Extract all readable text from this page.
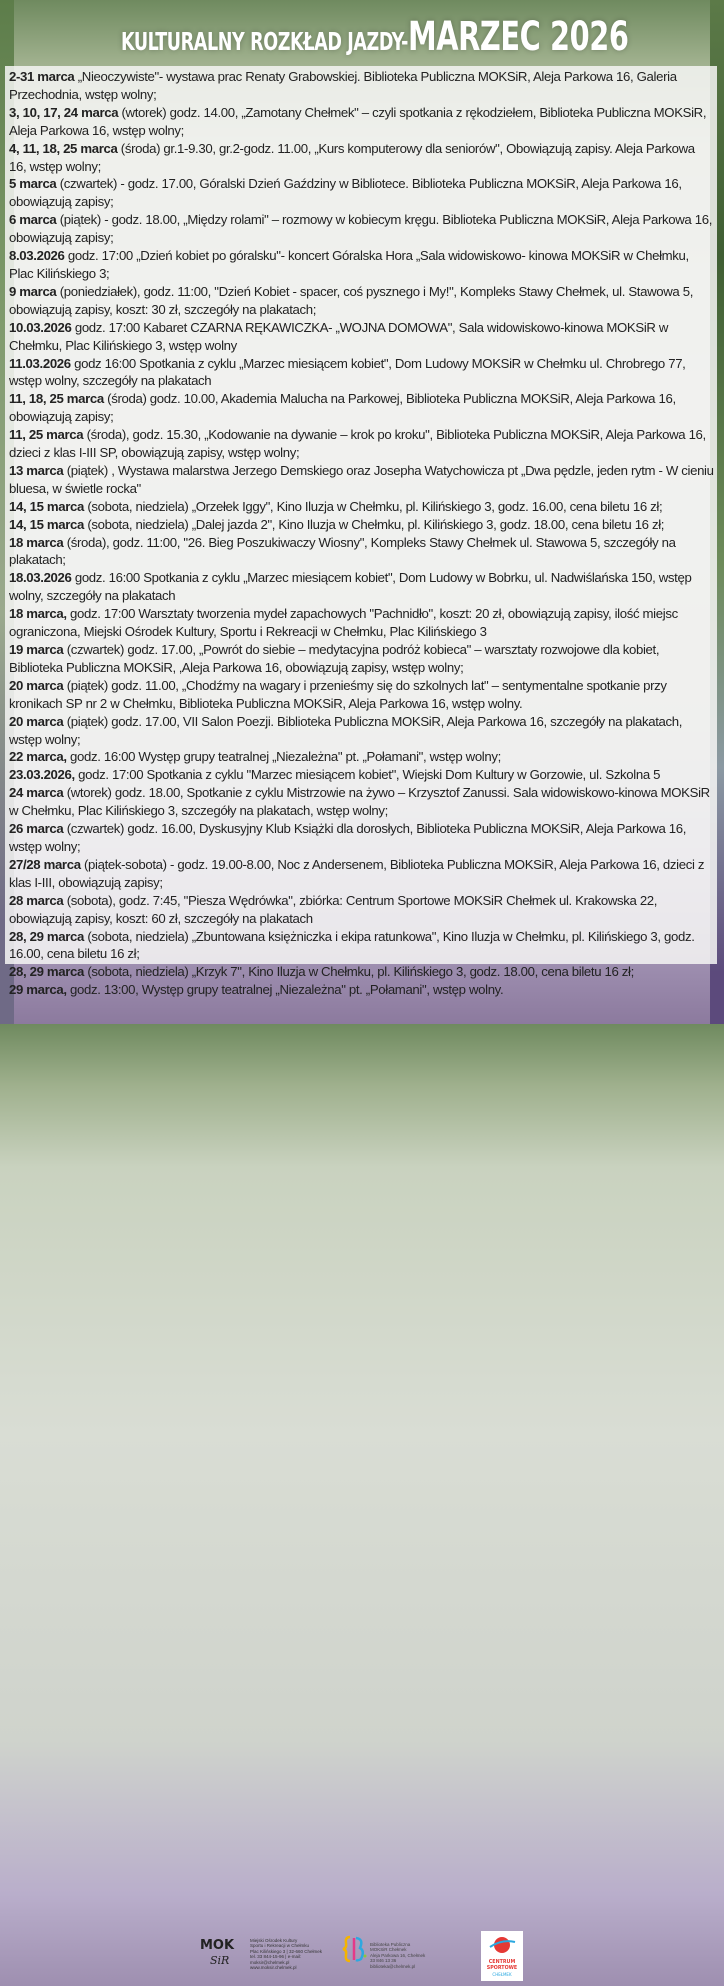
KULTURALNY ROZKŁAD JAZDY-MARZEC 2026
2-31 marca „Nieoczywiste"- wystawa prac Renaty Grabowskiej. Biblioteka Publiczna MOKSiR, Aleja Parkowa 16, Galeria Przechodnia, wstęp wolny;
3, 10, 17, 24 marca (wtorek) godz. 14.00, „Zamotany Chełmek" – czyli spotkania z rękodziełem, Biblioteka Publiczna MOKSiR, Aleja Parkowa 16, wstęp wolny;
4, 11, 18, 25 marca (środa) gr.1-9.30, gr.2-godz. 11.00, „Kurs komputerowy dla seniorów", Obowiązują zapisy. Aleja Parkowa 16, wstęp wolny;
5 marca (czwartek) - godz. 17.00, Góralski Dzień Gaździny w Bibliotece. Biblioteka Publiczna MOKSiR, Aleja Parkowa 16, obowiązują zapisy;
6 marca (piątek) - godz. 18.00, „Między rolami" – rozmowy w kobiecym kręgu. Biblioteka Publiczna MOKSiR, Aleja Parkowa 16, obowiązują zapisy;
8.03.2026 godz. 17:00 „Dzień kobiet po góralsku"- koncert Góralska Hora „Sala widowiskowo- kinowa MOKSiR w Chełmku, Plac Kilińskiego 3;
9 marca (poniedziałek), godz. 11:00, "Dzień Kobiet - spacer, coś pysznego i My!", Kompleks Stawy Chełmek, ul. Stawowa 5, obowiązują zapisy, koszt: 30 zł, szczegóły na plakatach;
10.03.2026 godz. 17:00 Kabaret CZARNA RĘKAWICZKA- „WOJNA DOMOWA", Sala widowiskowo-kinowa MOKSiR w Chełmku, Plac Kilińskiego 3, wstęp wolny
11.03.2026 godz 16:00 Spotkania z cyklu „Marzec miesiącem kobiet", Dom Ludowy MOKSiR w Chełmku ul. Chrobrego 77, wstęp wolny, szczegóły na plakatach
11, 18, 25 marca (środa) godz. 10.00, Akademia Malucha na Parkowej, Biblioteka Publiczna MOKSiR, Aleja Parkowa 16, obowiązują zapisy;
11, 25 marca (środa), godz. 15.30, „Kodowanie na dywanie – krok po kroku", Biblioteka Publiczna MOKSiR, Aleja Parkowa 16, dzieci z klas I-III SP, obowiązują zapisy, wstęp wolny;
13 marca (piątek) , Wystawa malarstwa Jerzego Demskiego oraz Josepha Watychowicza pt „Dwa pędzle, jeden rytm - W cieniu bluesa, w świetle rocka"
14, 15 marca (sobota, niedziela) „Orzełek Iggy", Kino Iluzja w Chełmku, pl. Kilińskiego 3, godz. 16.00, cena biletu 16 zł;
14, 15 marca (sobota, niedziela) „Dalej jazda 2", Kino Iluzja w Chełmku, pl. Kilińskiego 3, godz. 18.00, cena biletu 16 zł;
18 marca (środa), godz. 11:00, "26. Bieg Poszukiwaczy Wiosny", Kompleks Stawy Chełmek ul. Stawowa 5, szczegóły na plakatach;
18.03.2026 godz. 16:00 Spotkania z cyklu „Marzec miesiącem kobiet", Dom Ludowy w Bobrku, ul. Nadwiślańska 150, wstęp wolny, szczegóły na plakatach
18 marca, godz. 17:00 Warsztaty tworzenia mydeł zapachowych "Pachnidło", koszt: 20 zł, obowiązują zapisy, ilość miejsc ograniczona, Miejski Ośrodek Kultury, Sportu i Rekreacji w Chełmku, Plac Kilińskiego 3
19 marca (czwartek) godz. 17.00, „Powrót do siebie – medytacyjna podróż kobieca" – warsztaty rozwojowe dla kobiet, Biblioteka Publiczna MOKSiR, ‚Aleja Parkowa 16, obowiązują zapisy, wstęp wolny;
20 marca (piątek) godz. 11.00, „Chodźmy na wagary i przenieśmy się do szkolnych lat" – sentymentalne spotkanie przy kronikach SP nr 2 w Chełmku, Biblioteka Publiczna MOKSiR, Aleja Parkowa 16, wstęp wolny.
20 marca (piątek) godz. 17.00, VII Salon Poezji. Biblioteka Publiczna MOKSiR, Aleja Parkowa 16, szczegóły na plakatach, wstęp wolny;
22 marca, godz. 16:00 Występ grupy teatralnej „Niezależna" pt. „Połamani", wstęp wolny;
23.03.2026, godz. 17:00 Spotkania z cyklu "Marzec miesiącem kobiet", Wiejski Dom Kultury w Gorzowie, ul. Szkolna 5
24 marca (wtorek) godz. 18.00, Spotkanie z cyklu Mistrzowie na żywo – Krzysztof Zanussi. Sala widowiskowo-kinowa MOKSiR w Chełmku, Plac Kilińskiego 3, szczegóły na plakatach, wstęp wolny;
26 marca (czwartek) godz. 16.00, Dyskusyjny Klub Książki dla dorosłych, Biblioteka Publiczna MOKSiR, Aleja Parkowa 16, wstęp wolny;
27/28 marca (piątek-sobota) - godz. 19.00-8.00, Noc z Andersenem, Biblioteka Publiczna MOKSiR, Aleja Parkowa 16, dzieci z klas I-III, obowiązują zapisy;
28 marca (sobota), godz. 7:45, "Piesza Wędrówka", zbiórka: Centrum Sportowe MOKSiR Chełmek ul. Krakowska 22, obowiązują zapisy, koszt: 60 zł, szczegóły na plakatach
28, 29 marca (sobota, niedziela) „Zbuntowana księżniczka i ekipa ratunkowa", Kino Iluzja w Chełmku, pl. Kilińskiego 3, godz. 16.00, cena biletu 16 zł;
28, 29 marca (sobota, niedziela) „Krzyk 7", Kino Iluzja w Chełmku, pl. Kilińskiego 3, godz. 18.00, cena biletu 16 zł;
29 marca, godz. 13:00, Występ grupy teatralnej „Niezależna" pt. „Połamani", wstęp wolny.
MOK
SiR
Miejski Ośrodek Kultury
Sportu i Rekreacji w Chełmku
Plac Kilińskiego 3 | 32-660 Chełmek
tel. 33 844-15-96 | e-mail: moksir@chelmek.pl
www.moksir.chelmek.pl
Biblioteka Publiczna
MOKSiR Chełmek
Aleja Parkowa 16, Chełmek
33 846 13 36 biblioteka@chelmek.pl
CENTRUM
SPORTOWE
CHEŁMEK
